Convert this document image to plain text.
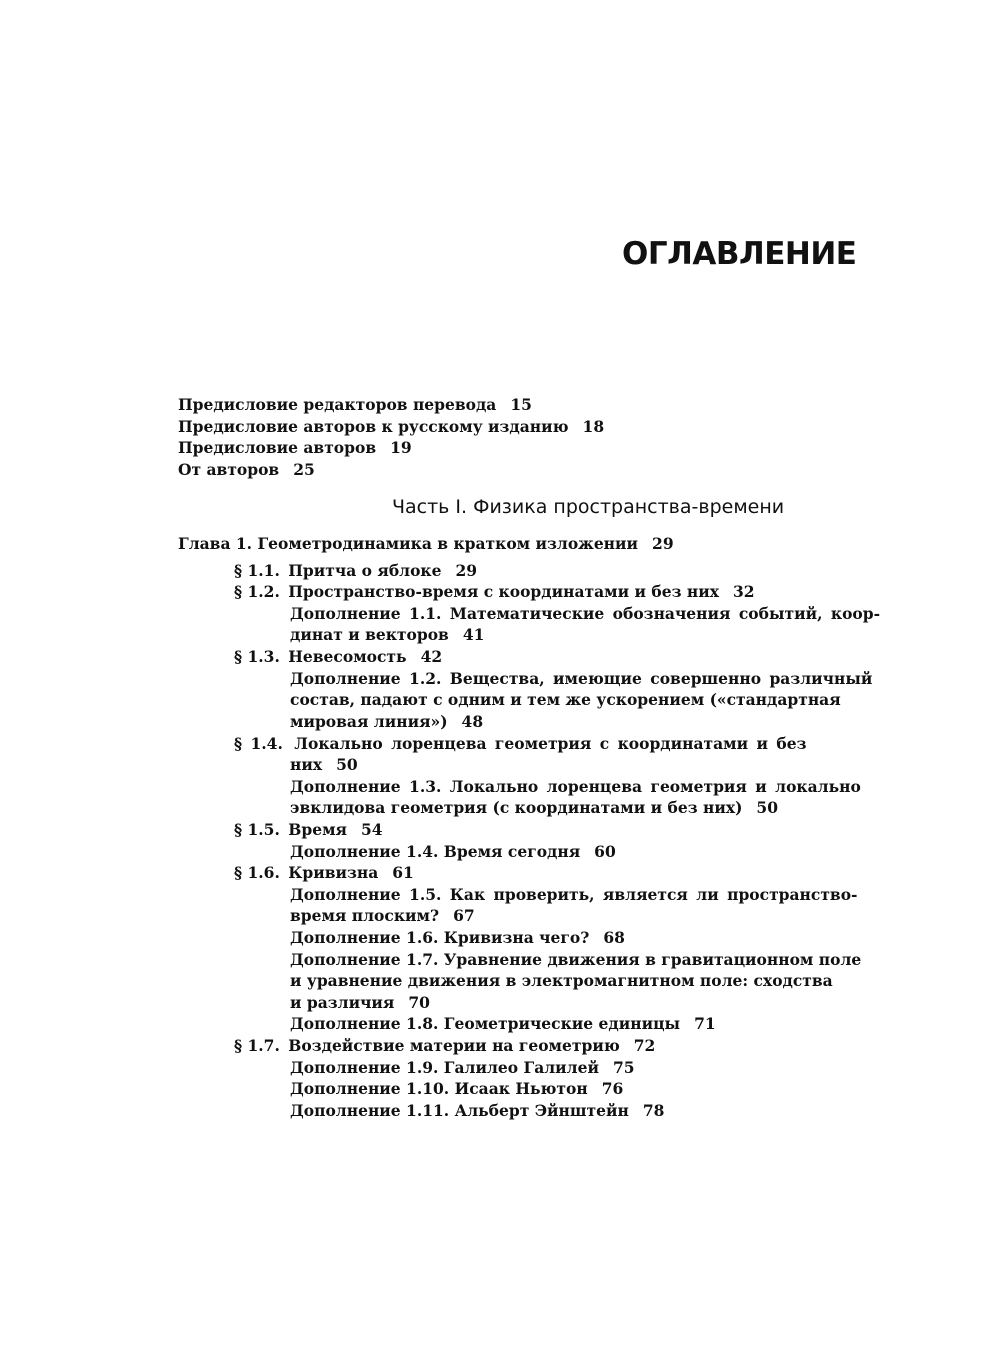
ОГЛАВЛЕНИЕ
Предисловие редакторов перевода 15
Предисловие авторов к русскому изданию 18
Предисловие авторов 19
От авторов 25
Часть I. Физика пространства-времени
Глава 1. Геометродинамика в кратком изложении 29
§ 1.1. Притча о яблоке 29
§ 1.2. Пространство-время с координатами и без них 32
Дополнение 1.1. Математические обозначения событий, коор-
динат и векторов 41
§ 1.3. Невесомость 42
Дополнение 1.2. Вещества, имеющие совершенно различный
состав, падают с одним и тем же ускорением («стандартная
мировая линия») 48
§ 1.4. Локально лоренцева геометрия с координатами и без
них 50
Дополнение 1.3. Локально лоренцева геометрия и локально
эвклидова геометрия (с координатами и без них) 50
§ 1.5. Время 54
Дополнение 1.4. Время сегодня 60
§ 1.6. Кривизна 61
Дополнение 1.5. Как проверить, является ли пространство-
время плоским? 67
Дополнение 1.6. Кривизна чего? 68
Дополнение 1.7. Уравнение движения в гравитационном поле
и уравнение движения в электромагнитном поле: сходства
и различия 70
Дополнение 1.8. Геометрические единицы 71
§ 1.7. Воздействие материи на геометрию 72
Дополнение 1.9. Галилео Галилей 75
Дополнение 1.10. Исаак Ньютон 76
Дополнение 1.11. Альберт Эйнштейн 78
